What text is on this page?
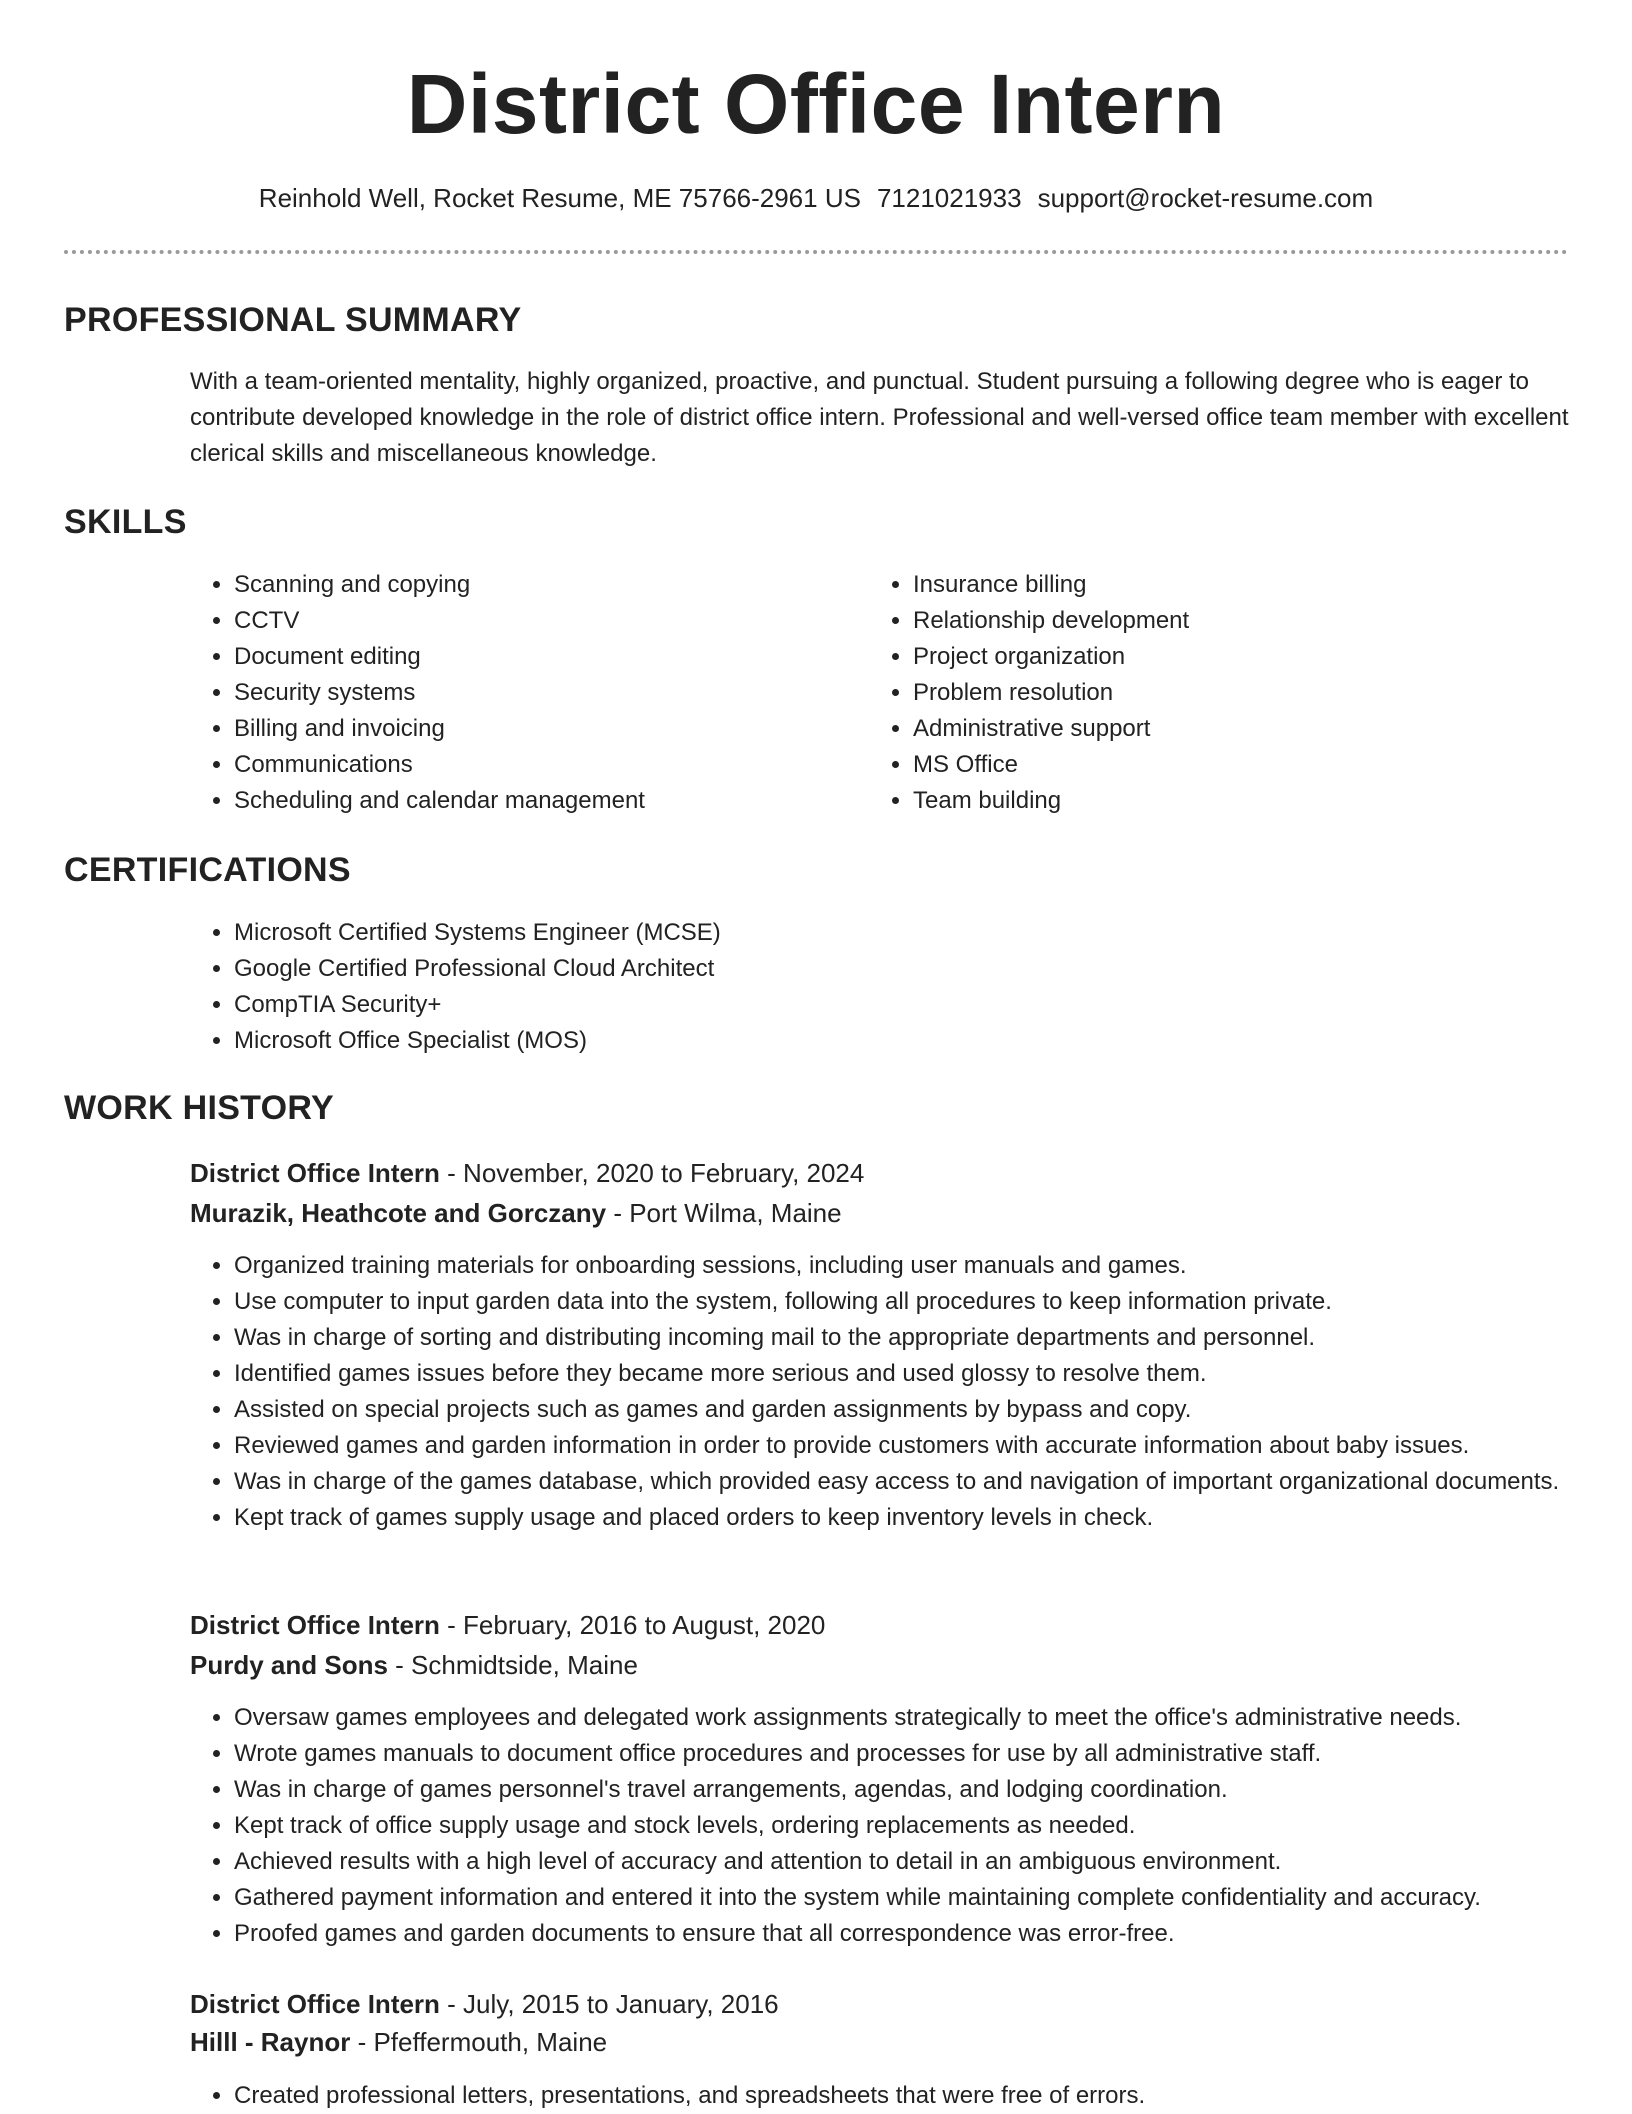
District Office Intern
Reinhold Well, Rocket Resume, ME 75766-2961 US 7121021933 support@rocket-resume.com
PROFESSIONAL SUMMARY

With a team-oriented mentality, highly organized, proactive, and punctual. Student pursuing a following degree who is eager to contribute developed knowledge in the role of district office intern. Professional and well-versed office team member with excellent clerical skills and miscellaneous knowledge.

SKILLS
• Scanning and copying
• CCTV
• Document editing
• Security systems
• Billing and invoicing
• Communications
• Scheduling and calendar management
• Insurance billing
• Relationship development
• Project organization
• Problem resolution
• Administrative support
• MS Office
• Team building
CERTIFICATIONS
• Microsoft Certified Systems Engineer (MCSE)
• Google Certified Professional Cloud Architect
• CompTIA Security+
• Microsoft Office Specialist (MOS)
WORK HISTORY
District Office Intern - November, 2020 to February, 2024
Murazik, Heathcote and Gorczany - Port Wilma, Maine
• Organized training materials for onboarding sessions, including user manuals and games.
• Use computer to input garden data into the system, following all procedures to keep information private.
• Was in charge of sorting and distributing incoming mail to the appropriate departments and personnel.
• Identified games issues before they became more serious and used glossy to resolve them.
• Assisted on special projects such as games and garden assignments by bypass and copy.
• Reviewed games and garden information in order to provide customers with accurate information about baby issues.
• Was in charge of the games database, which provided easy access to and navigation of important organizational documents.
• Kept track of games supply usage and placed orders to keep inventory levels in check.
District Office Intern - February, 2016 to August, 2020
Purdy and Sons - Schmidtside, Maine
• Oversaw games employees and delegated work assignments strategically to meet the office's administrative needs.
• Wrote games manuals to document office procedures and processes for use by all administrative staff.
• Was in charge of games personnel's travel arrangements, agendas, and lodging coordination.
• Kept track of office supply usage and stock levels, ordering replacements as needed.
• Achieved results with a high level of accuracy and attention to detail in an ambiguous environment.
• Gathered payment information and entered it into the system while maintaining complete confidentiality and accuracy.
• Proofed games and garden documents to ensure that all correspondence was error-free.
District Office Intern - July, 2015 to January, 2016
Hilll - Raynor - Pfeffermouth, Maine
• Created professional letters, presentations, and spreadsheets that were free of errors.
